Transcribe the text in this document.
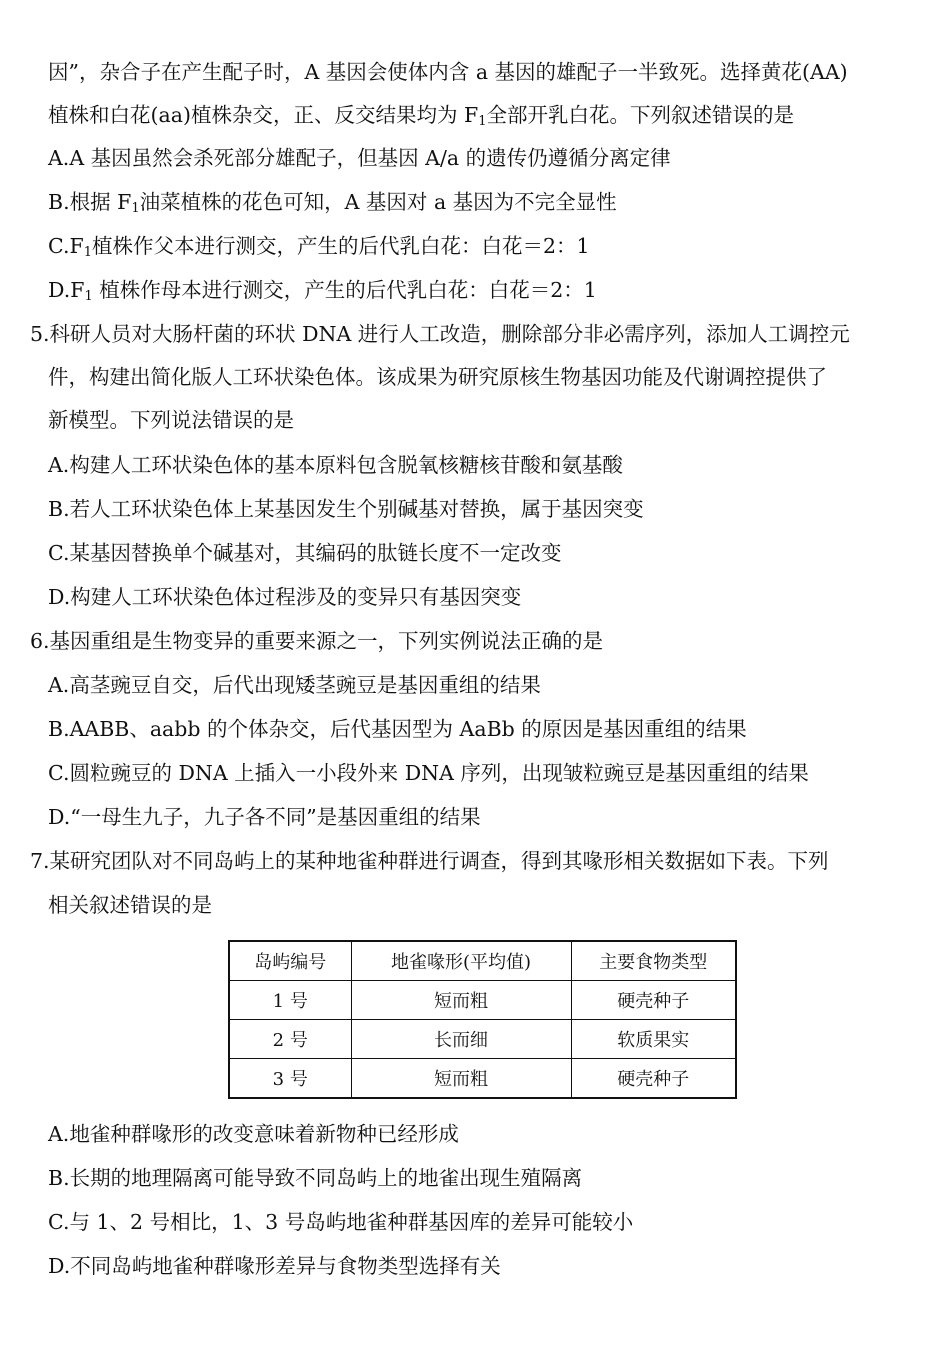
因”，杂合子在产生配子时，A 基因会使体内含 a 基因的雄配子一半致死。选择黄花(AA)
植株和白花(aa)植株杂交，正、反交结果均为 $F_1$全部开乳白花。下列叙述错误的是
A.A 基因虽然会杀死部分雄配子，但基因 A/a 的遗传仍遵循分离定律
B.根据 $F_1$油菜植株的花色可知，A 基因对 a 基因为不完全显性
$C.F_1$植株作父本进行测交，产生的后代乳白花：白花＝2：1
$D.F_1$ 植株作母本进行测交，产生的后代乳白花：白花＝2：1
5.科研人员对大肠杆菌的环状 DNA 进行人工改造，删除部分非必需序列，添加人工调控元
件，构建出简化版人工环状染色体。该成果为研究原核生物基因功能及代谢调控提供了
新模型。下列说法错误的是
A.构建人工环状染色体的基本原料包含脱氧核糖核苷酸和氨基酸
B.若人工环状染色体上某基因发生个别碱基对替换，属于基因突变
C.某基因替换单个碱基对，其编码的肽链长度不一定改变
D.构建人工环状染色体过程涉及的变异只有基因突变
6.基因重组是生物变异的重要来源之一，下列实例说法正确的是
A.高茎豌豆自交，后代出现矮茎豌豆是基因重组的结果
B.AABB、aabb 的个体杂交，后代基因型为 AaBb 的原因是基因重组的结果
C.圆粒豌豆的 DNA 上插入一小段外来 DNA 序列，出现皱粒豌豆是基因重组的结果
D.“一母生九子，九子各不同”是基因重组的结果
7.某研究团队对不同岛屿上的某种地雀种群进行调查，得到其喙形相关数据如下表。下列
相关叙述错误的是
岛屿编号	地雀喙形(平均值)	主要食物类型
1 号	短而粗	硬壳种子
2 号	长而细	软质果实
3 号	短而粗	硬壳种子
A.地雀种群喙形的改变意味着新物种已经形成
B.长期的地理隔离可能导致不同岛屿上的地雀出现生殖隔离
C.与 1、2 号相比，1、3 号岛屿地雀种群基因库的差异可能较小
D.不同岛屿地雀种群喙形差异与食物类型选择有关
